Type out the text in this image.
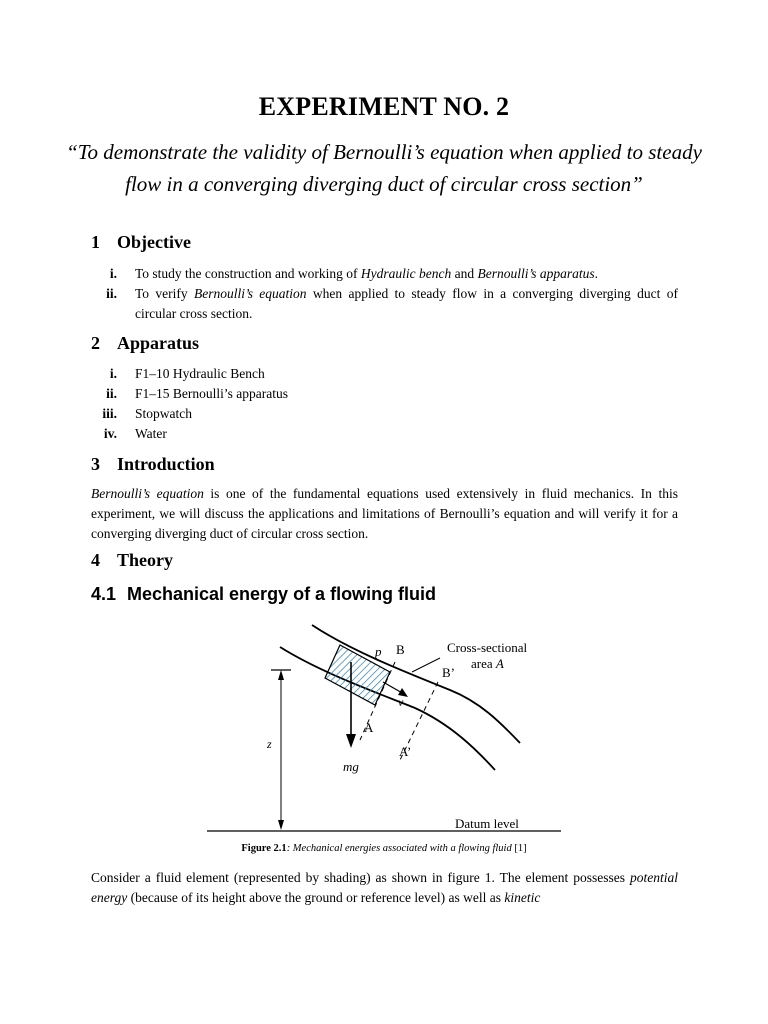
EXPERIMENT NO. 2
“To demonstrate the validity of Bernoulli’s equation when applied to steady flow in a converging diverging duct of circular cross section”
1 Objective
i.	To study the construction and working of Hydraulic bench and Bernoulli’s apparatus.
ii.	To verify Bernoulli’s equation when applied to steady flow in a converging diverging duct of circular cross section.
2 Apparatus
i.	F1–10 Hydraulic Bench
ii.	F1–15 Bernoulli’s apparatus
iii.	Stopwatch
iv.	Water
3 Introduction
Bernoulli’s equation is one of the fundamental equations used extensively in fluid mechanics. In this experiment, we will discuss the applications and limitations of Bernoulli’s equation and will verify it for a converging diverging duct of circular cross section.
4 Theory
4.1 Mechanical energy of a flowing fluid
p B
B’
v
A
A’
z
mg
Cross-sectional
area A
Datum level
Figure 2.1: Mechanical energies associated with a flowing fluid [1]
Consider a fluid element (represented by shading) as shown in figure 1. The element possesses potential energy (because of its height above the ground or reference level) as well as kinetic
